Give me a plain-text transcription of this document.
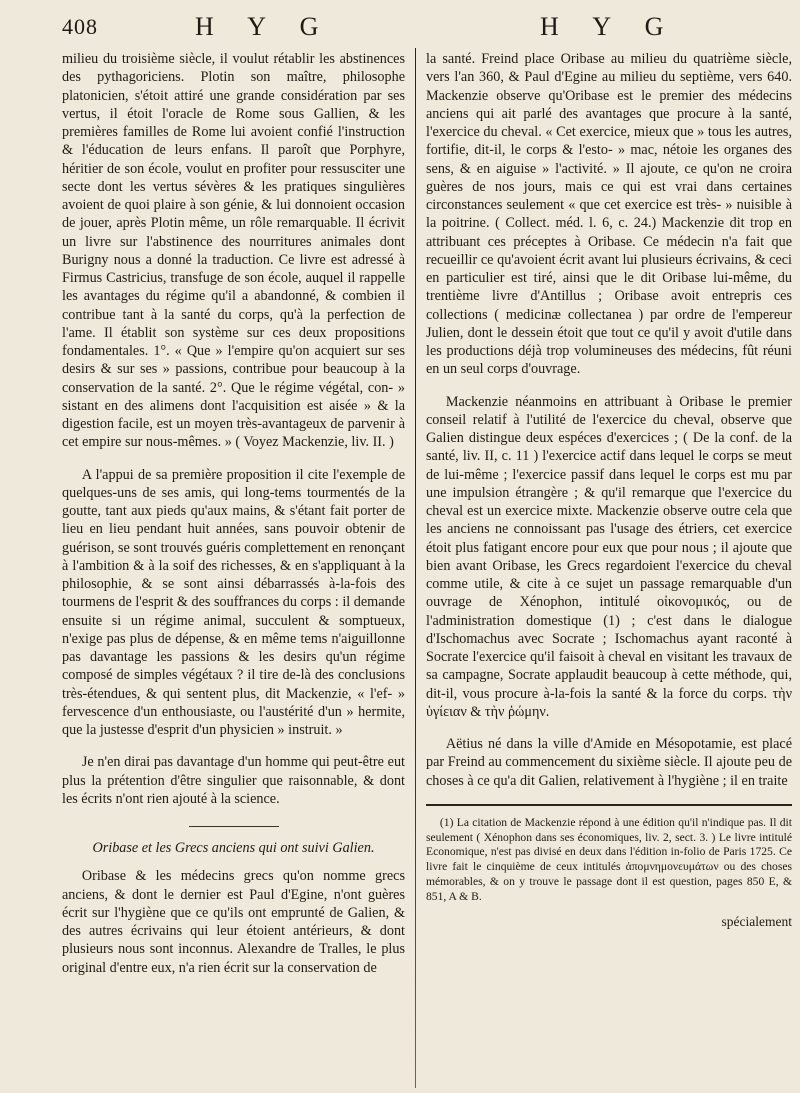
408	H Y G	H Y G

milieu du troisième siècle, il voulut rétablir les abstinences des pythagoriciens. Plotin son maître, philosophe platonicien, s'étoit attiré une grande considération par ses vertus, il étoit l'oracle de Rome sous Gallien, & les premières familles de Rome lui avoient confié l'instruction & l'éducation de leurs enfans. Il paroît que Porphyre, héritier de son école, voulut en profiter pour ressusciter une secte dont les vertus sévères & les pratiques singulières avoient de quoi plaire à son génie, & lui donnoient occasion de jouer, après Plotin même, un rôle remarquable. Il écrivit un livre sur l'abstinence des nourritures animales dont Burigny nous a donné la traduction. Ce livre est adressé à Firmus Castricius, transfuge de son école, auquel il rappelle les avantages du régime qu'il a abandonné, & combien il contribue tant à la santé du corps, qu'à la perfection de l'ame. Il établit son système sur ces deux propositions fondamentales. 1°. « Que » l'empire qu'on acquiert sur ses desirs & sur ses » passions, contribue pour beaucoup à la conservation de la santé. 2°. Que le régime végétal, con- » sistant en des alimens dont l'acquisition est aisée » & la digestion facile, est un moyen très-avantageux de parvenir à cet empire sur nous-mêmes. » ( Voyez Mackenzie, liv. II. )

A l'appui de sa première proposition il cite l'exemple de quelques-uns de ses amis, qui long-tems tourmentés de la goutte, tant aux pieds qu'aux mains, & s'étant fait porter de lieu en lieu pendant huit années, sans pouvoir obtenir de guérison, se sont trouvés guéris complettement en renonçant à l'ambition & à la soif des richesses, & en s'appliquant à la philosophie, & se sont ainsi débarrassés à-la-fois des tourmens de l'esprit & des souffrances du corps : il demande ensuite si un régime animal, succulent & somptueux, n'exige pas plus de dépense, & en même tems n'aiguillonne pas davantage les passions & les desirs qu'un régime composé de simples végétaux ? il tire de-là des conclusions très-étendues, & qui sentent plus, dit Mackenzie, « l'ef- » fervescence d'un enthousiaste, ou l'austérité d'un » hermite, que la justesse d'esprit d'un physicien » instruit. »

Je n'en dirai pas davantage d'un homme qui peut-être eut plus la prétention d'être singulier que raisonnable, & dont les écrits n'ont rien ajouté à la science.

Oribase et les Grecs anciens qui ont suivi Galien.

Oribase & les médecins grecs qu'on nomme grecs anciens, & dont le dernier est Paul d'Egine, n'ont guères écrit sur l'hygiène que ce qu'ils ont emprunté de Galien, & des autres écrivains qui leur étoient antérieurs, & dont plusieurs nous sont inconnus. Alexandre de Tralles, le plus original d'entre eux, n'a rien écrit sur la conservation de

la santé. Freind place Oribase au milieu du quatrième siècle, vers l'an 360, & Paul d'Egine au milieu du septième, vers 640. Mackenzie observe qu'Oribase est le premier des médecins anciens qui ait parlé des avantages que procure à la santé, l'exercice du cheval. « Cet exercice, mieux que » tous les autres, fortifie, dit-il, le corps & l'esto- » mac, nétoie les organes des sens, & en aiguise » l'activité. » Il ajoute, ce qu'on ne croira guères de nos jours, mais ce qui est vrai dans certaines circonstances seulement « que cet exercice est très- » nuisible à la poitrine. ( Collect. méd. l. 6, c. 24.) Mackenzie dit trop en attribuant ces préceptes à Oribase. Ce médecin n'a fait que recueillir ce qu'avoient écrit avant lui plusieurs écrivains, & ceci en particulier est tiré, ainsi que le dit Oribase lui-même, du trentième livre d'Antillus ; Oribase avoit entrepris ces collections ( medicinæ collectanea ) par ordre de l'empereur Julien, dont le dessein étoit que tout ce qu'il y avoit d'utile dans les productions déjà trop volumineuses des médecins, fût réuni en un seul corps d'ouvrage.

Mackenzie néanmoins en attribuant à Oribase le premier conseil relatif à l'utilité de l'exercice du cheval, observe que Galien distingue deux espéces d'exercices ; ( De la conf. de la santé, liv. II, c. 11 ) l'exercice actif dans lequel le corps se meut de lui-même ; l'exercice passif dans lequel le corps est mu par une impulsion étrangère ; & qu'il remarque que l'exercice du cheval est un exercice mixte. Mackenzie observe outre cela que les anciens ne connoissant pas l'usage des étriers, cet exercice étoit plus fatigant encore pour eux que pour nous ; il ajoute que bien avant Oribase, les Grecs regardoient l'exercice du cheval comme utile, & cite à ce sujet un passage remarquable d'un ouvrage de Xénophon, intitulé οἰκονομικός, ou de l'administration domestique (1) ; c'est dans le dialogue d'Ischomachus avec Socrate ; Ischomachus ayant raconté à Socrate l'exercice qu'il faisoit à cheval en visitant les travaux de sa campagne, Socrate applaudit beaucoup à cette méthode, qui, dit-il, vous procure à-la-fois la santé & la force du corps. τὴν ὑγίειαν & τὴν ῥώμην.

Aëtius né dans la ville d'Amide en Mésopotamie, est placé par Freind au commencement du sixième siècle. Il ajoute peu de choses à ce qu'a dit Galien, relativement à l'hygiène ; il en traite

(1) La citation de Mackenzie répond à une édition qu'il n'indique pas. Il dit seulement ( Xénophon dans ses économiques, liv. 2, sect. 3. ) Le livre intitulé Economique, n'est pas divisé en deux dans l'édition in-folio de Paris 1725. Ce livre fait le cinquième de ceux intitulés ἀπομνημονευμάτων ou des choses mémorables, & on y trouve le passage dont il est question, pages 850 E, & 851, A & B.

spécialement
